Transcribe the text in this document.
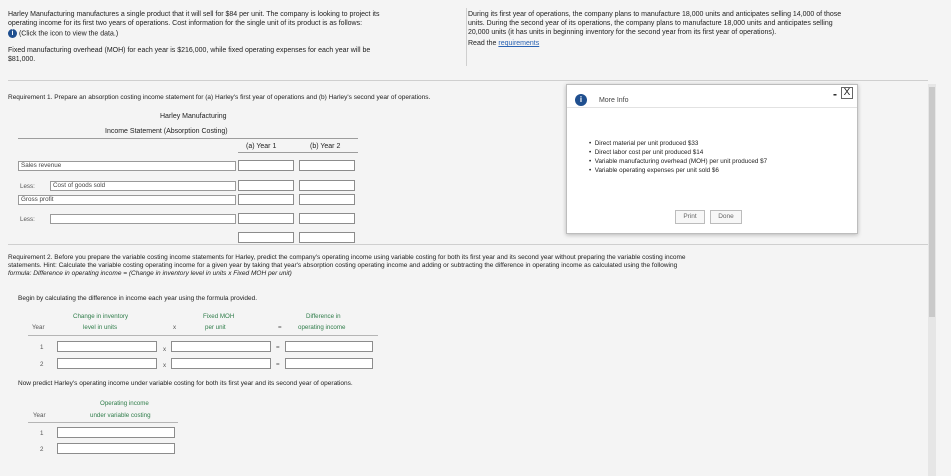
Harley Manufacturing manufactures a single product that it will sell for $84 per unit. The company is looking to project its
operating income for its first two years of operations. Cost information for the single unit of its product is as follows:
i (Click the icon to view the data.)
Fixed manufacturing overhead (MOH) for each year is $216,000, while fixed operating expenses for each year will be
$81,000.
During its first year of operations, the company plans to manufacture 18,000 units and anticipates selling 14,000 of those
units. During the second year of its operations, the company plans to manufacture 18,000 units and anticipates selling
20,000 units (it has units in beginning inventory for the second year from its first year of operations).
Read the requirements
Requirement 1. Prepare an absorption costing income statement for (a) Harley's first year of operations and (b) Harley's second year of operations.
Harley Manufacturing
Income Statement (Absorption Costing)
(a) Year 1	(b) Year 2
Sales revenue
Less:	Cost of goods sold
Gross profit
Less:
i More Info	- X
•  Direct material per unit produced $33
•  Direct labor cost per unit produced $14
•  Variable manufacturing overhead (MOH) per unit produced $7
•  Variable operating expenses per unit sold $6
Print	Done
Requirement 2. Before you prepare the variable costing income statements for Harley, predict the company's operating income using variable costing for both its first year and its second year without preparing the variable costing income
statements. Hint: Calculate the variable costing operating income for a given year by taking that year's absorption costing operating income and adding or subtracting the difference in operating income as calculated using the following
formula: Difference in operating income = (Change in inventory level in units x Fixed MOH per unit)
Begin by calculating the difference in income each year using the formula provided.
Change in inventory
level in units
Fixed MOH
per unit
Difference in
operating income
Year	x	=
1	x	=
2	x	=
Now predict Harley's operating income under variable costing for both its first year and its second year of operations.
Operating income
under variable costing
Year
1
2
